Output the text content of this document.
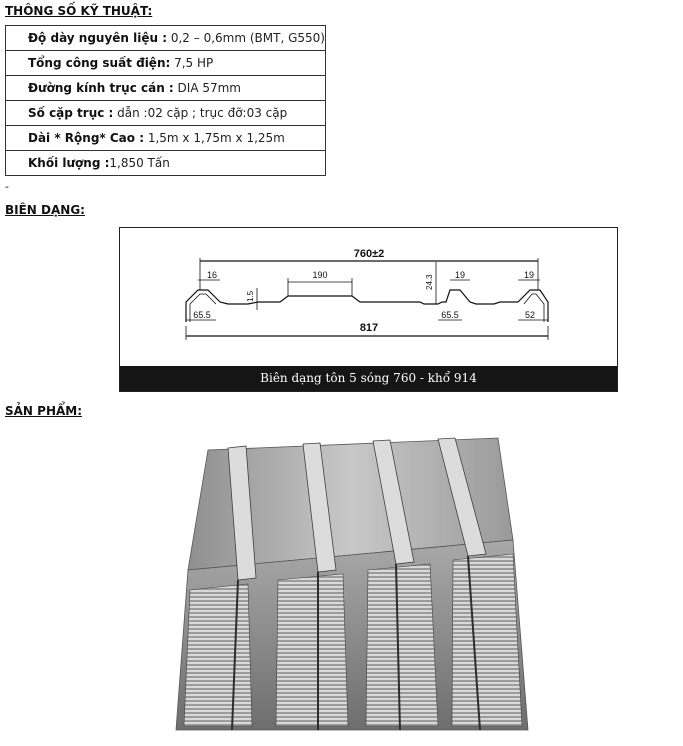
THÔNG SỐ KỸ THUẬT:
Độ dày nguyên liệu : 0,2 – 0,6mm (BMT, G550)
Tổng công suất điện: 7,5 HP
Đường kính trục cán : DIA 57mm
Số cặp trục : dẫn :02 cặp ; trục đỡ:03 cặp
Dài * Rộng* Cao : 1,5m x 1,75m x 1,25m
Khối lượng :1,850 Tấn
-
BIÊN DẠNG:
760±2
817
16	190	19	19
65.5	65.5	52
1.5
24.3
Biên dạng tôn 5 sóng 760 - khổ 914
SẢN PHẨM:
